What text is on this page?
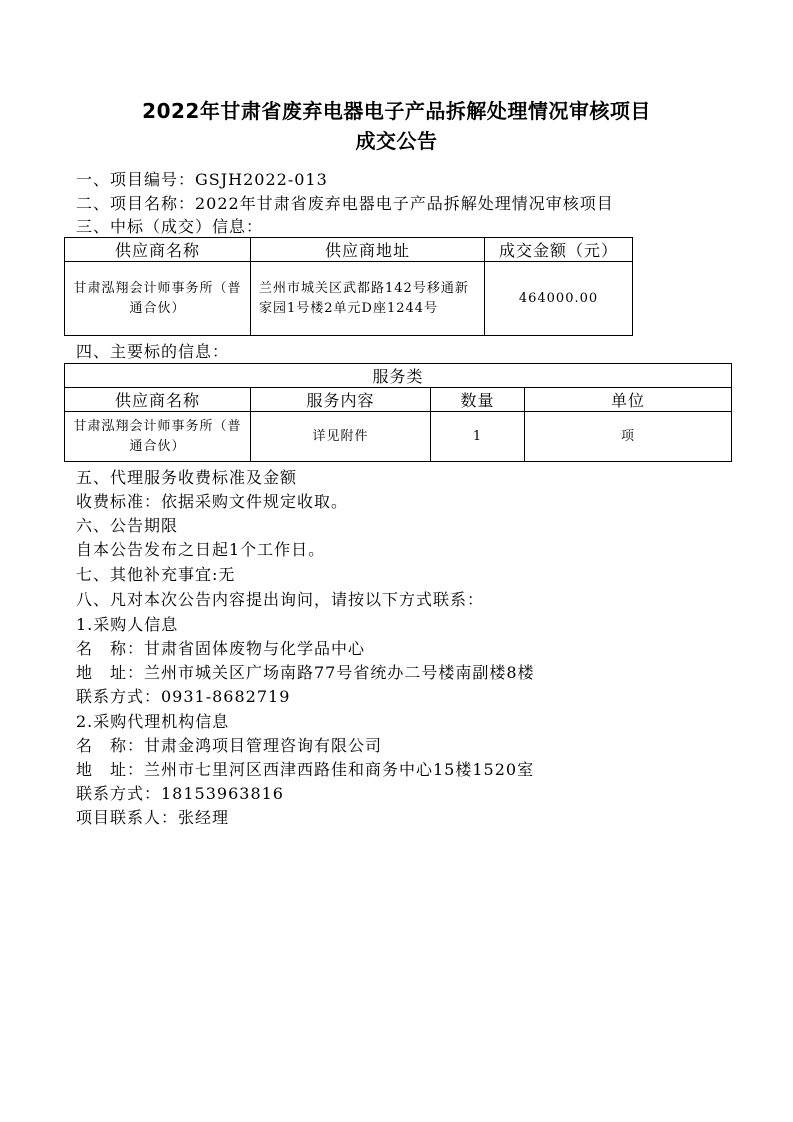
2022年甘肃省废弃电器电子产品拆解处理情况审核项目
成交公告
一、项目编号：GSJH2022-013
二、项目名称：2022年甘肃省废弃电器电子产品拆解处理情况审核项目
三、中标（成交）信息：
供应商名称	供应商地址	成交金额（元）
甘肃泓翔会计师事务所（普通合伙）	兰州市城关区武都路142号移通新家园1号楼2单元D座1244号	464000.00
四、主要标的信息：
服务类			
供应商名称	服务内容	数量	单位
甘肃泓翔会计师事务所（普通合伙）	详见附件	1	项
五、代理服务收费标准及金额
收费标准：依据采购文件规定收取。
六、公告期限
自本公告发布之日起1个工作日。
七、其他补充事宜:无
八、凡对本次公告内容提出询问，请按以下方式联系：
1.采购人信息
名　称：甘肃省固体废物与化学品中心
地　址：兰州市城关区广场南路77号省统办二号楼南副楼8楼
联系方式：0931-8682719
2.采购代理机构信息
名　称：甘肃金鸿项目管理咨询有限公司
地　址：兰州市七里河区西津西路佳和商务中心15楼1520室
联系方式：18153963816
项目联系人：张经理
